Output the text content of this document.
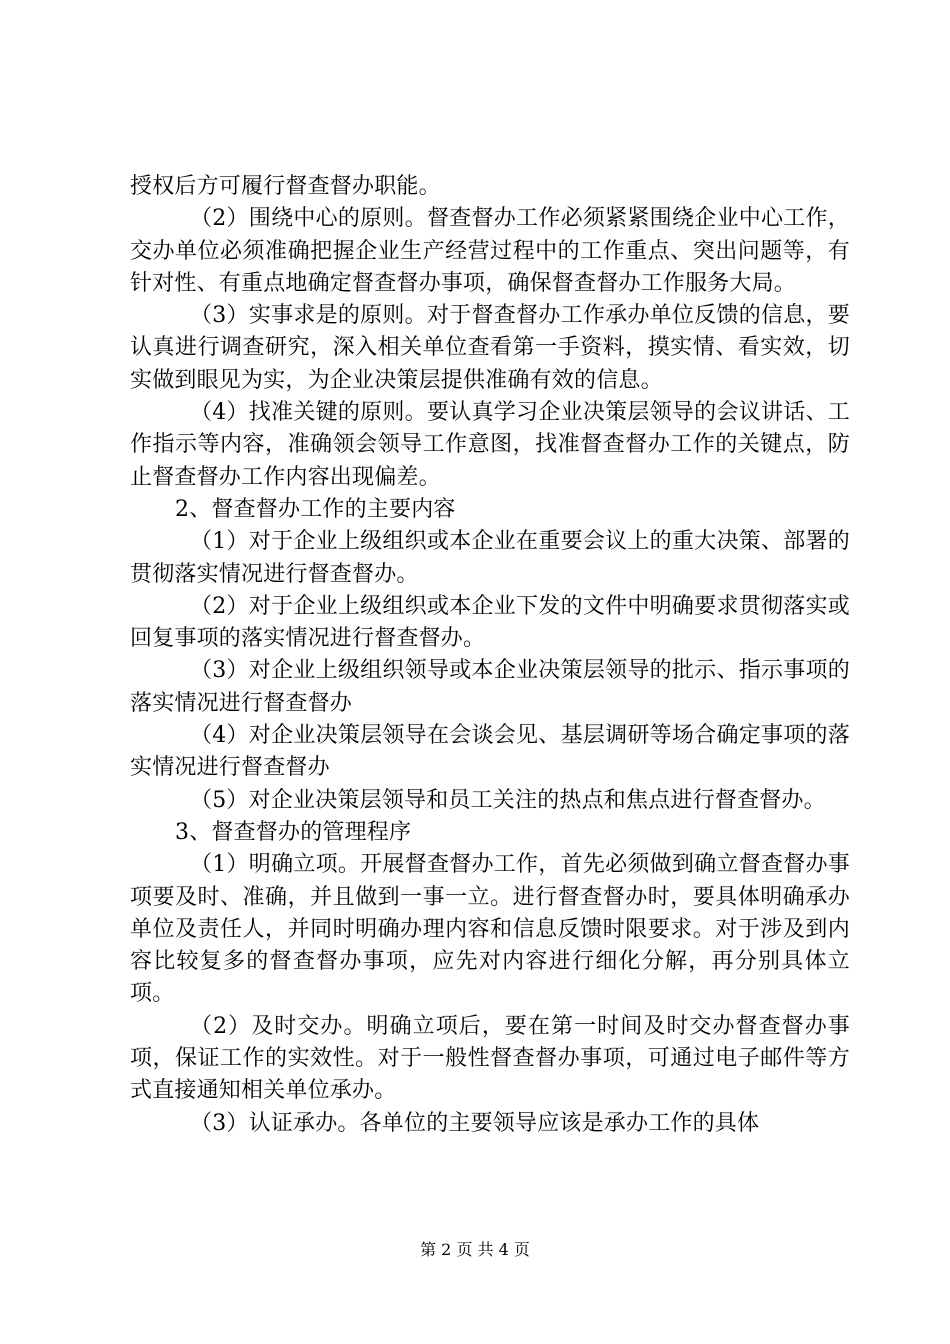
授权后方可履行督查督办职能。

（2）围绕中心的原则。督查督办工作必须紧紧围绕企业中心工作，交办单位必须准确把握企业生产经营过程中的工作重点、突出问题等，有针对性、有重点地确定督查督办事项，确保督查督办工作服务大局。

（3）实事求是的原则。对于督查督办工作承办单位反馈的信息，要认真进行调查研究，深入相关单位查看第一手资料，摸实情、看实效，切实做到眼见为实，为企业决策层提供准确有效的信息。

（4）找准关键的原则。要认真学习企业决策层领导的会议讲话、工作指示等内容，准确领会领导工作意图，找准督查督办工作的关键点，防止督查督办工作内容出现偏差。

2、督查督办工作的主要内容

（1）对于企业上级组织或本企业在重要会议上的重大决策、部署的贯彻落实情况进行督查督办。

（2）对于企业上级组织或本企业下发的文件中明确要求贯彻落实或回复事项的落实情况进行督查督办。

（3）对企业上级组织领导或本企业决策层领导的批示、指示事项的落实情况进行督查督办

（4）对企业决策层领导在会谈会见、基层调研等场合确定事项的落实情况进行督查督办

（5）对企业决策层领导和员工关注的热点和焦点进行督查督办。

3、督查督办的管理程序

（1）明确立项。开展督查督办工作，首先必须做到确立督查督办事项要及时、准确，并且做到一事一立。进行督查督办时，要具体明确承办单位及责任人，并同时明确办理内容和信息反馈时限要求。对于涉及到内容比较复多的督查督办事项，应先对内容进行细化分解，再分别具体立项。

（2）及时交办。明确立项后，要在第一时间及时交办督查督办事项，保证工作的实效性。对于一般性督查督办事项，可通过电子邮件等方式直接通知相关单位承办。

（3）认证承办。各单位的主要领导应该是承办工作的具体

第 2 页 共 4 页
